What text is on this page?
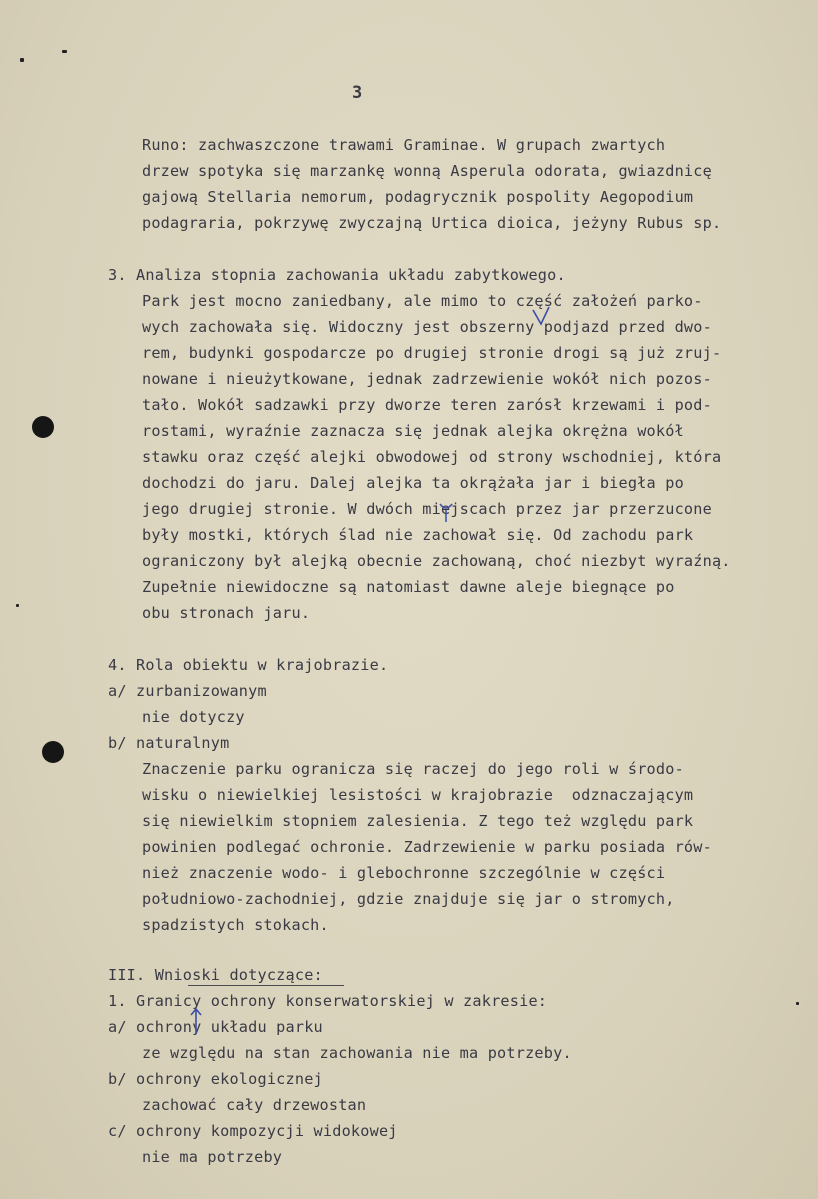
3
Runo: zachwaszczone trawami Graminae. W grupach zwartych
drzew spotyka się marzankę wonną Asperula odorata, gwiazdnicę
gajową Stellaria nemorum, podagrycznik pospolity Aegopodium
podagraria, pokrzywę zwyczajną Urtica dioica, jeżyny Rubus sp.
3. Analiza stopnia zachowania układu zabytkowego.
Park jest mocno zaniedbany, ale mimo to część założeń parko-
wych zachowała się. Widoczny jest obszerny podjazd przed dwo-
rem, budynki gospodarcze po drugiej stronie drogi są już zruj-
nowane i nieużytkowane, jednak zadrzewienie wokół nich pozos-
tało. Wokół sadzawki przy dworze teren zarósł krzewami i pod-
rostami, wyraźnie zaznacza się jednak alejka okrężna wokół
stawku oraz część alejki obwodowej od strony wschodniej, która
dochodzi do jaru. Dalej alejka ta okrążała jar i biegła po
jego drugiej stronie. W dwóch miejscach przez jar przerzucone
były mostki, których ślad nie zachował się. Od zachodu park
ograniczony był alejką obecnie zachowaną, choć niezbyt wyraźną.
Zupełnie niewidoczne są natomiast dawne aleje biegnące po
obu stronach jaru.
4. Rola obiektu w krajobrazie.
a/ zurbanizowanym
nie dotyczy
b/ naturalnym
Znaczenie parku ogranicza się raczej do jego roli w środo-
wisku o niewielkiej lesistości w krajobrazie  odznaczającym
się niewielkim stopniem zalesienia. Z tego też względu park
powinien podlegać ochronie. Zadrzewienie w parku posiada rów-
nież znaczenie wodo- i glebochronne szczególnie w części
południowo-zachodniej, gdzie znajduje się jar o stromych,
spadzistych stokach.
III. Wnioski dotyczące:
1. Granicy ochrony konserwatorskiej w zakresie:
a/ ochrony układu parku
ze względu na stan zachowania nie ma potrzeby.
b/ ochrony ekologicznej
zachować cały drzewostan
c/ ochrony kompozycji widokowej
nie ma potrzeby
